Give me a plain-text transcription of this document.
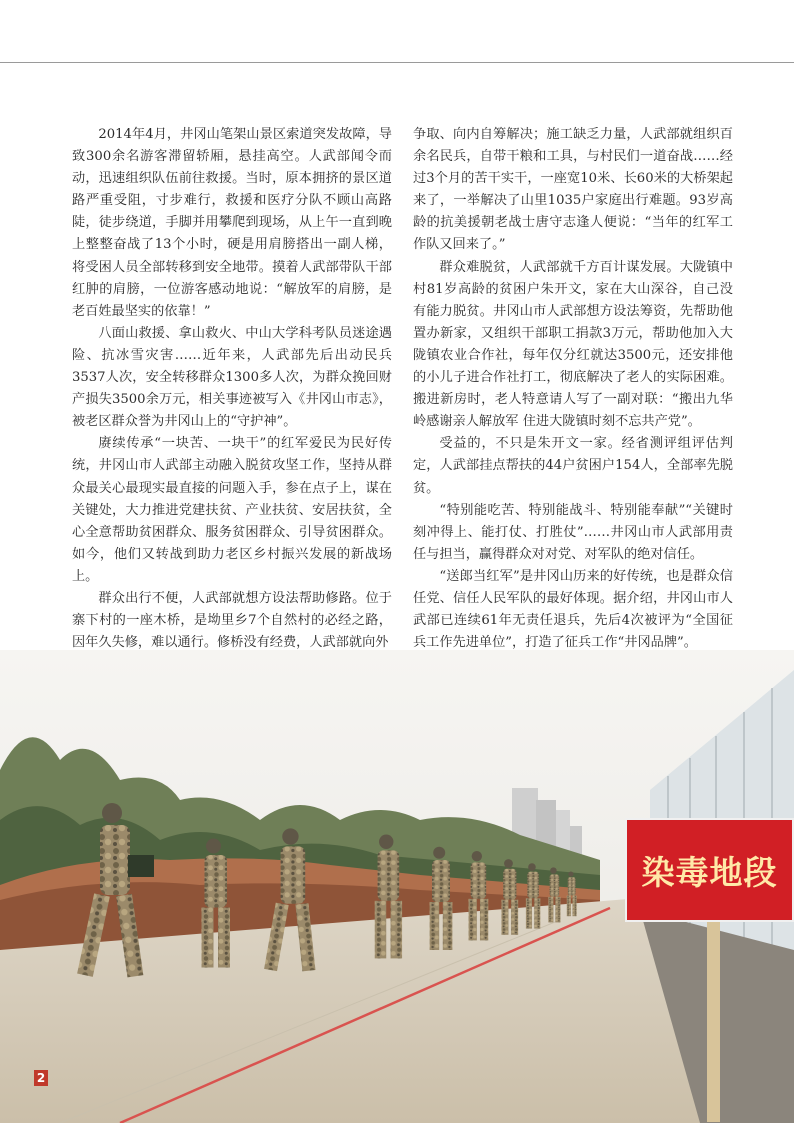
2014年4月，井冈山笔架山景区索道突发故障，导致300余名游客滞留轿厢，悬挂高空。人武部闻令而动，迅速组织队伍前往救援。当时，原本拥挤的景区道路严重受阻，寸步难行，救援和医疗分队不顾山高路陡，徒步绕道，手脚并用攀爬到现场，从上午一直到晚上整整奋战了13个小时，硬是用肩膀搭出一副人梯，将受困人员全部转移到安全地带。摸着人武部带队干部红肿的肩膀，一位游客感动地说：“解放军的肩膀，是老百姓最坚实的依靠！”

八面山救援、拿山救火、中山大学科考队员迷途遇险、抗冰雪灾害……近年来，人武部先后出动民兵3537人次，安全转移群众1300多人次，为群众挽回财产损失3500余万元，相关事迹被写入《井冈山市志》，被老区群众誉为井冈山上的“守护神”。

赓续传承“一块苦、一块干”的红军爱民为民好传统，井冈山市人武部主动融入脱贫攻坚工作，坚持从群众最关心最现实最直接的问题入手，参在点子上，谋在关键处，大力推进党建扶贫、产业扶贫、安居扶贫，全心全意帮助贫困群众、服务贫困群众、引导贫困群众。如今，他们又转战到助力老区乡村振兴发展的新战场上。

群众出行不便，人武部就想方设法帮助修路。位于寨下村的一座木桥，是坳里乡7个自然村的必经之路，因年久失修，难以通行。修桥没有经费，人武部就向外

争取、向内自筹解决；施工缺乏力量，人武部就组织百余名民兵，自带干粮和工具，与村民们一道奋战……经过3个月的苦干实干，一座宽10米、长60米的大桥架起来了，一举解决了山里1035户家庭出行难题。93岁高龄的抗美援朝老战士唐守志逢人便说：“当年的红军工作队又回来了。”

群众难脱贫，人武部就千方百计谋发展。大陇镇中村81岁高龄的贫困户朱开文，家在大山深谷，自己没有能力脱贫。井冈山市人武部想方设法筹资，先帮助他置办新家，又组织干部职工捐款3万元，帮助他加入大陇镇农业合作社，每年仅分红就达3500元，还安排他的小儿子进合作社打工，彻底解决了老人的实际困难。搬进新房时，老人特意请人写了一副对联：“搬出九华岭感谢亲人解放军 住进大陇镇时刻不忘共产党”。

受益的，不只是朱开文一家。经省测评组评估判定，人武部挂点帮扶的44户贫困户154人，全部率先脱贫。

“特别能吃苦、特别能战斗、特别能奉献”“关键时刻冲得上、能打仗、打胜仗”……井冈山市人武部用责任与担当，赢得群众对对党、对军队的绝对信任。

“送郎当红军”是井冈山历来的好传统，也是群众信任党、信任人民军队的最好体现。据介绍，井冈山市人武部已连续61年无责任退兵，先后4次被评为“全国征兵工作先进单位”，打造了征兵工作“井冈品牌”。

染毒地段
2
